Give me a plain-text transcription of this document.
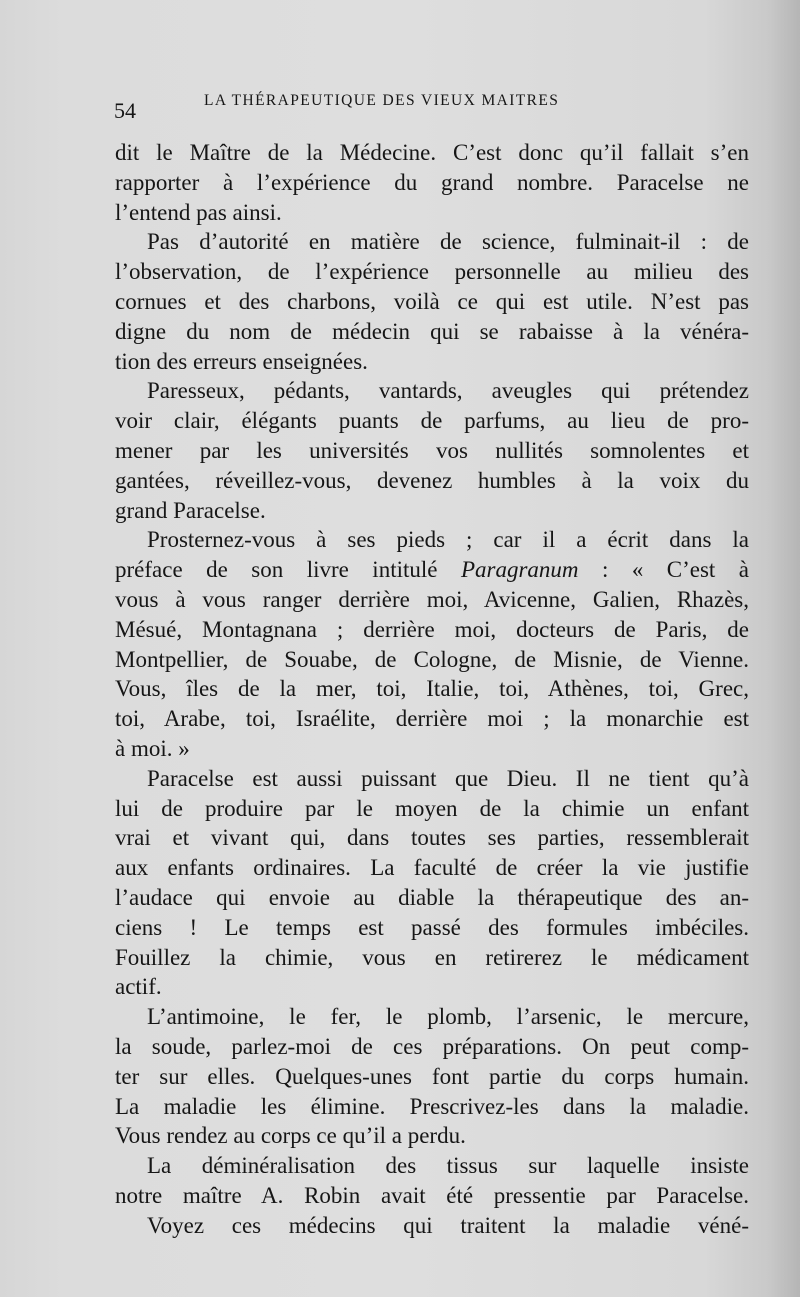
54	LA THÉRAPEUTIQUE DES VIEUX MAITRES
dit le Maître de la Médecine. C’est donc qu’il fallait s’en
rapporter à l’expérience du grand nombre. Paracelse ne
l’entend pas ainsi.
Pas d’autorité en matière de science, fulminait-il : de
l’observation, de l’expérience personnelle au milieu des
cornues et des charbons, voilà ce qui est utile. N’est pas
digne du nom de médecin qui se rabaisse à la vénéra-
tion des erreurs enseignées.
Paresseux, pédants, vantards, aveugles qui prétendez
voir clair, élégants puants de parfums, au lieu de pro-
mener par les universités vos nullités somnolentes et
gantées, réveillez-vous, devenez humbles à la voix du
grand Paracelse.
Prosternez-vous à ses pieds ; car il a écrit dans la
préface de son livre intitulé Paragranum : « C’est à
vous à vous ranger derrière moi, Avicenne, Galien, Rhazès,
Mésué, Montagnana ; derrière moi, docteurs de Paris, de
Montpellier, de Souabe, de Cologne, de Misnie, de Vienne.
Vous, îles de la mer, toi, Italie, toi, Athènes, toi, Grec,
toi, Arabe, toi, Israélite, derrière moi ; la monarchie est
à moi. »
Paracelse est aussi puissant que Dieu. Il ne tient qu’à
lui de produire par le moyen de la chimie un enfant
vrai et vivant qui, dans toutes ses parties, ressemblerait
aux enfants ordinaires. La faculté de créer la vie justifie
l’audace qui envoie au diable la thérapeutique des an-
ciens ! Le temps est passé des formules imbéciles.
Fouillez la chimie, vous en retirerez le médicament
actif.
L’antimoine, le fer, le plomb, l’arsenic, le mercure,
la soude, parlez-moi de ces préparations. On peut comp-
ter sur elles. Quelques-unes font partie du corps humain.
La maladie les élimine. Prescrivez-les dans la maladie.
Vous rendez au corps ce qu’il a perdu.
La déminéralisation des tissus sur laquelle insiste
notre maître A. Robin avait été pressentie par Paracelse.
Voyez ces médecins qui traitent la maladie véné-
